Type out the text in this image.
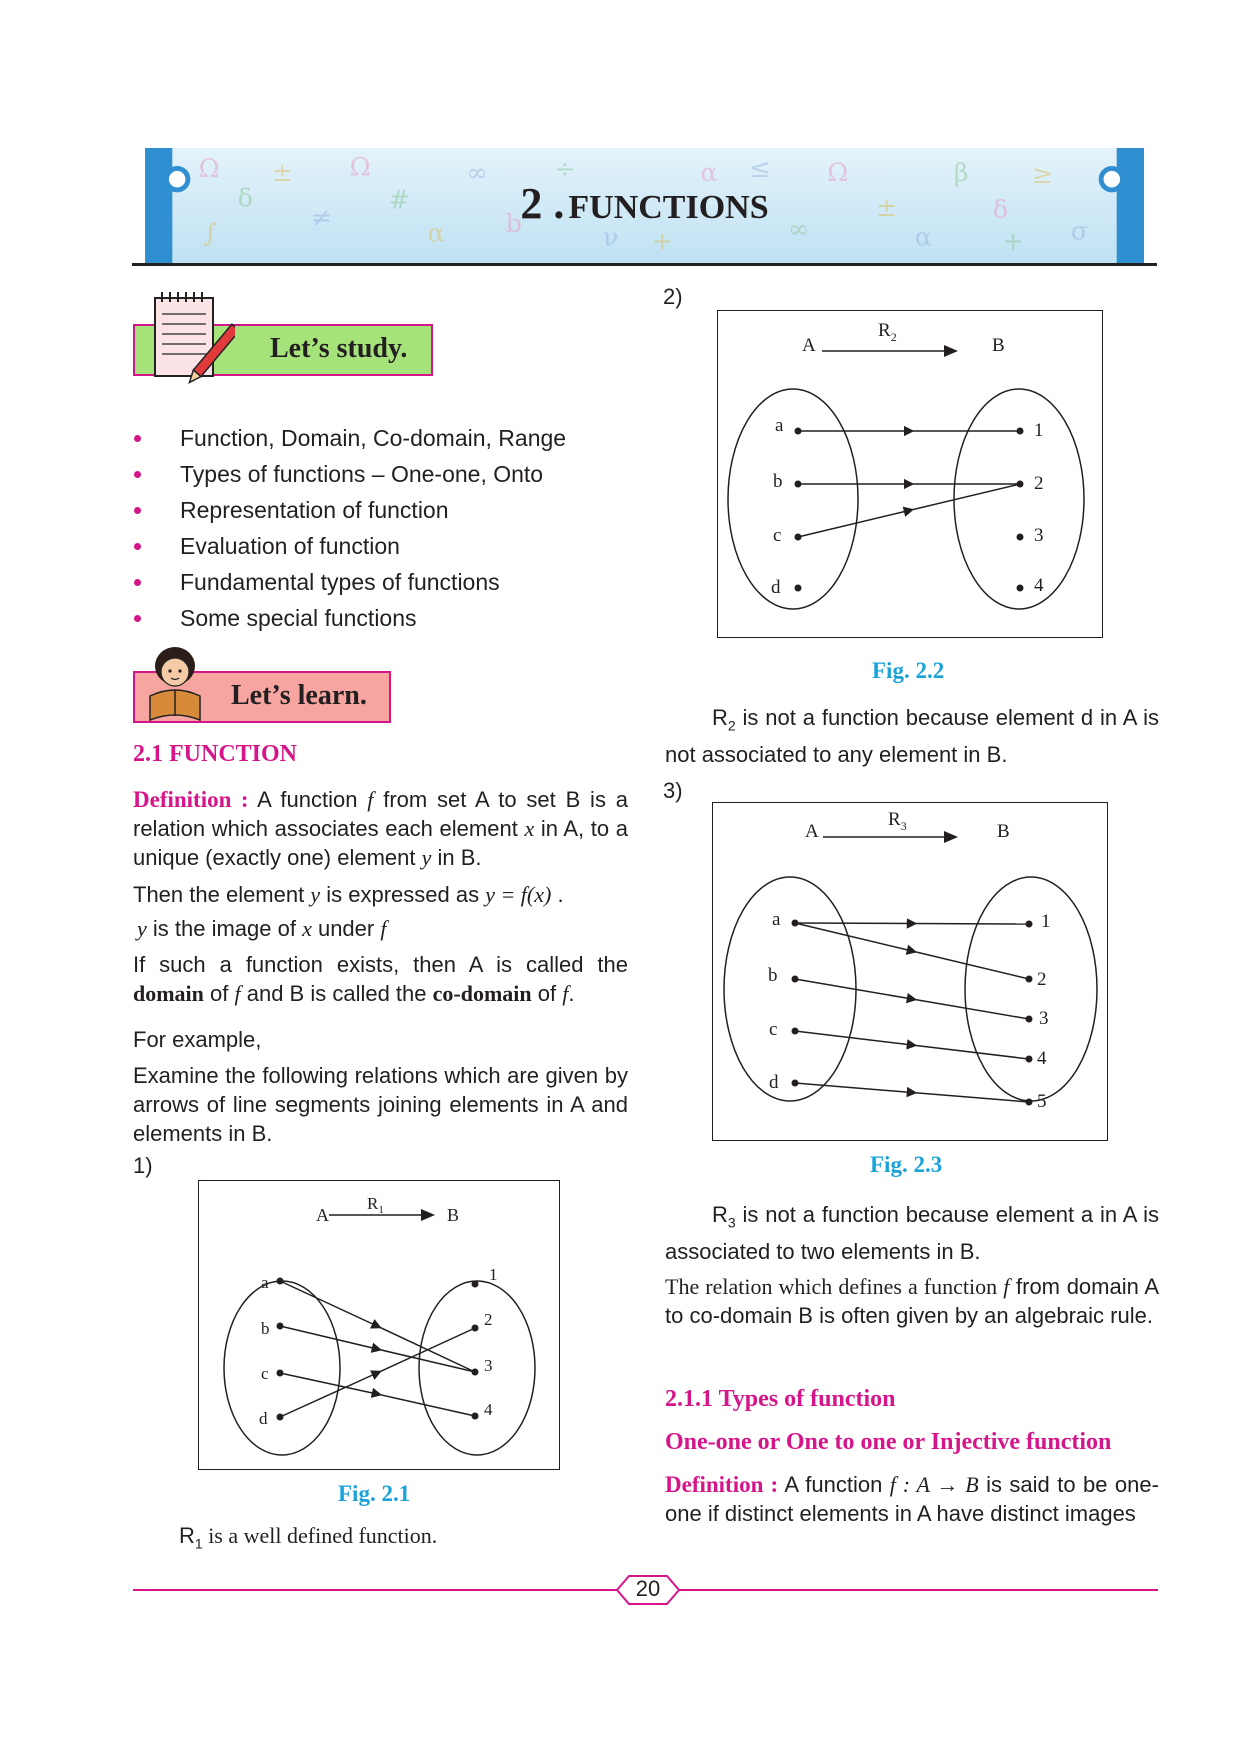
Ω
δ
±
≠
Ω
#
α
∞
b
÷
+
α ≤
∞
Ω
±
α
β
δ
≥
σ
∫	ν	+
2 . FUNCTIONS
Let’s study.
Function, Domain, Co-domain, Range
Types of functions – One-one, Onto
Representation of function
Evaluation of function
Fundamental types of functions
Some special functions
Let’s learn.
2.1 FUNCTION
Definition : A function f from set A to set B is a relation which associates each element x in A, to a unique (exactly one) element y in B.
Then the element y is expressed as y = f(x) .
y is the image of x under f
If such a function exists, then A is called the domain of f and B is called the co-domain of f.
For example,
Examine the following relations which are given by arrows of line segments joining elements in A and elements in B.
1)
A
$R_1$	B
a
b
c
d
1
2
3
4
Fig. 2.1
$R_1$ is a well defined function.
2)
A
$R_2$	B
a
b
c
d
1
2
3
4
Fig. 2.2
$R_2$ is not a function because element d in A is not associated to any element in B.
3)
A
$R_3$	B
a
b
c
d
1
2
3
4
5
Fig. 2.3
$R_3$ is not a function because element a in A is associated to two elements in B.
The relation which defines a function f from domain A to co-domain B is often given by an algebraic rule.
2.1.1 Types of function
One-one or One to one or Injective function
Definition : A function f : A → B is said to be one-one if distinct elements in A have distinct images
20
